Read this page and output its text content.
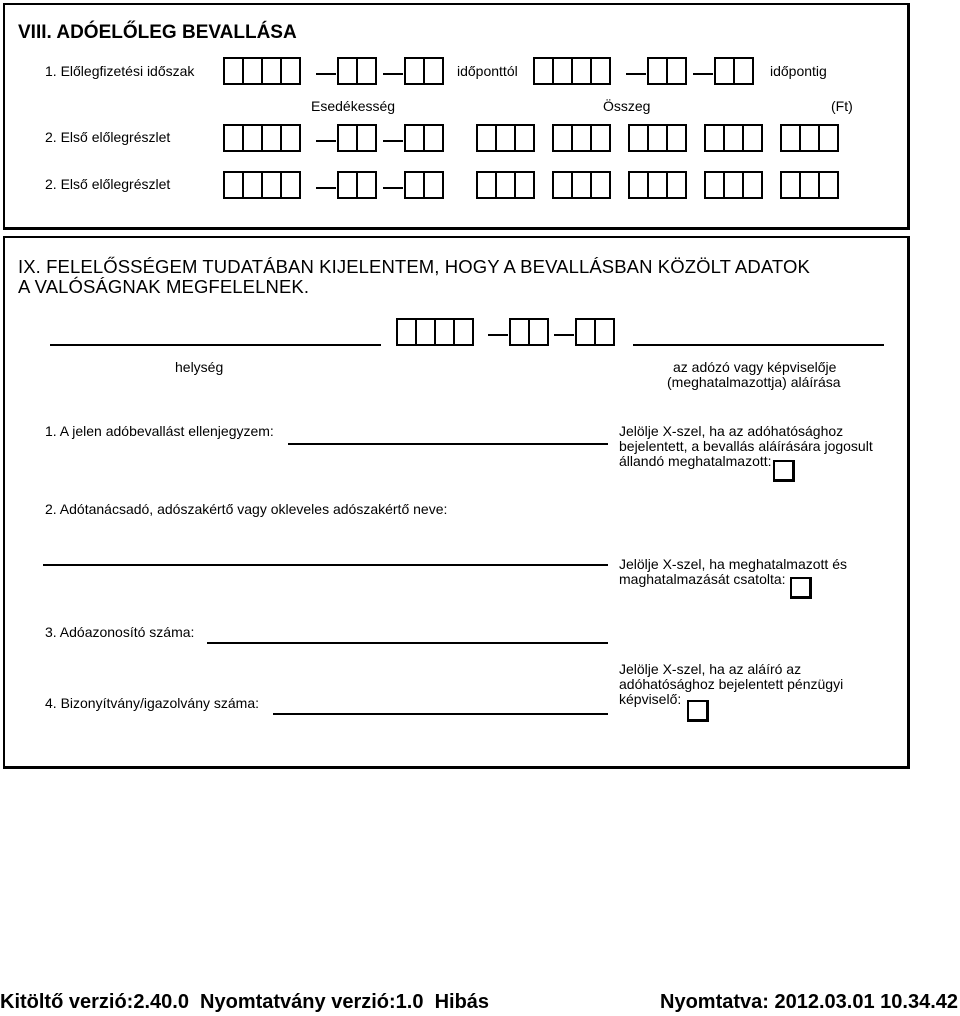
VIII. ADÓELŐLEG BEVALLÁSA
1. Előlegfizetési időszak	időponttól	időpontig
Esedékesség	Összeg	(Ft)
2. Első előlegrészlet
2. Első előlegrészlet
IX. FELELŐSSÉGEM TUDATÁBAN KIJELENTEM, HOGY A BEVALLÁSBAN KÖZÖLT ADATOK
A VALÓSÁGNAK MEGFELELNEK.
helység	az adózó vagy képviselője
(meghatalmazottja) aláírása
1. A jelen adóbevallást ellenjegyzem:	Jelölje X-szel, ha az adóhatósághoz
bejelentett, a bevallás aláírására jogosult
állandó meghatalmazott:
2. Adótanácsadó, adószakértő vagy okleveles adószakértő neve:
Jelölje X-szel, ha meghatalmazott és
maghatalmazását csatolta:
3. Adóazonosító száma:
4. Bizonyítvány/igazolvány száma:
Jelölje X-szel, ha az aláíró az
adóhatósághoz bejelentett pénzügyi
képviselő:
Kitöltő verzió:2.40.0  Nyomtatvány verzió:1.0  Hibás	Nyomtatva: 2012.03.01 10.34.42
